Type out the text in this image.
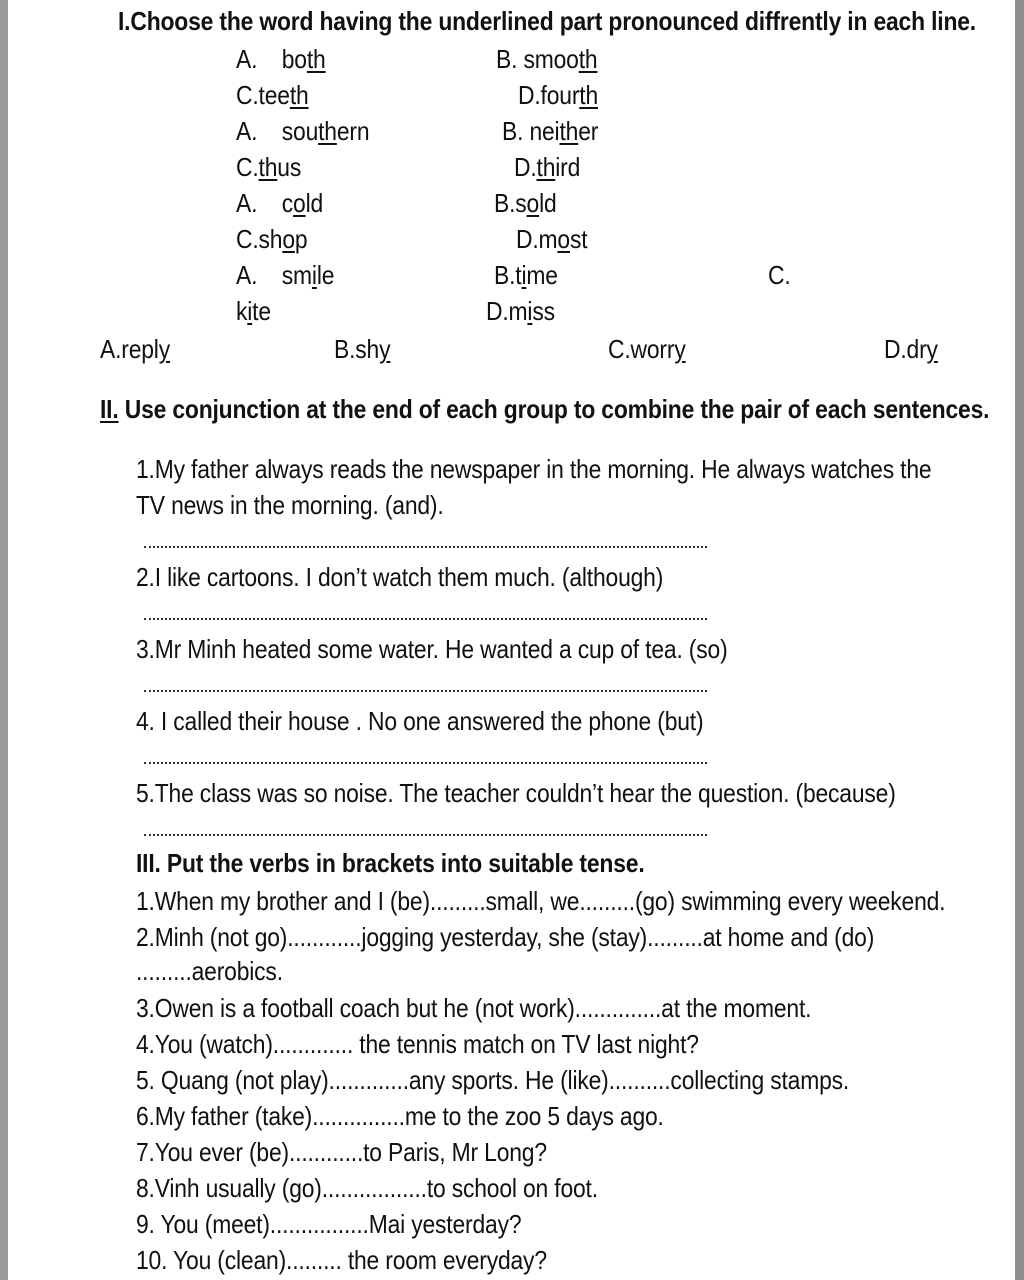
I.Choose the word having the underlined part pronounced diffrently in each line.
A. both	B. smooth
C.teeth	D.fourth
A. southern	B. neither
C.thus	D.third
A. cold	B.sold
C.shop	D.most
A. smile	B.time	C.
kite	D.miss
A.reply	B.shy	C.worry	D.dry
II. Use conjunction at the end of each group to combine the pair of each sentences.
1.My father always reads the newspaper in the morning. He always watches the
TV news in the morning. (and).
2.I like cartoons. I don’t watch them much. (although)
3.Mr Minh heated some water. He wanted a cup of tea. (so)
4. I called their house . No one answered the phone (but)
5.The class was so noise. The teacher couldn’t hear the question. (because)
III. Put the verbs in brackets into suitable tense.
1.When my brother and I (be).........small, we.........(go) swimming every weekend.
2.Minh (not go)............jogging yesterday, she (stay).........at home and (do)
.........aerobics.
3.Owen is a football coach but he (not work)..............at the moment.
4.You (watch)............. the tennis match on TV last night?
5. Quang (not play).............any sports. He (like)..........collecting stamps.
6.My father (take)...............me to the zoo 5 days ago.
7.You ever (be)............to Paris, Mr Long?
8.Vinh usually (go).................to school on foot.
9. You (meet)................Mai yesterday?
10. You (clean)......... the room everyday?
